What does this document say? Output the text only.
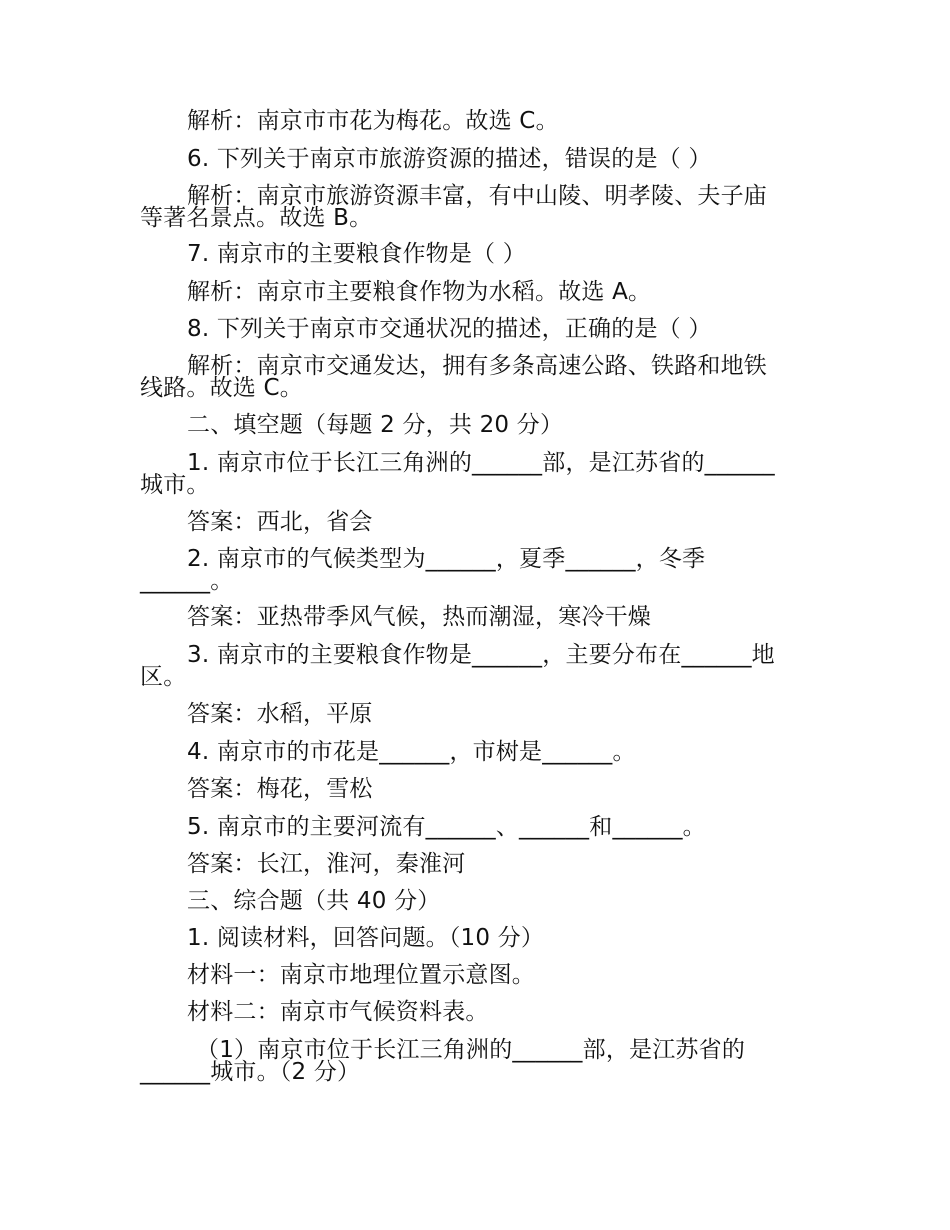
解析：南京市市花为梅花。故选 C。
6. 下列关于南京市旅游资源的描述，错误的是（ ）
解析：南京市旅游资源丰富，有中山陵、明孝陵、夫子庙
等著名景点。故选 B。
7. 南京市的主要粮食作物是（ ）
解析：南京市主要粮食作物为水稻。故选 A。
8. 下列关于南京市交通状况的描述，正确的是（ ）
解析：南京市交通发达，拥有多条高速公路、铁路和地铁
线路。故选 C。
二、填空题（每题 2 分，共 20 分）
1. 南京市位于长江三角洲的______部，是江苏省的______
城市。
答案：西北，省会
2. 南京市的气候类型为______，夏季______，冬季
______。
答案：亚热带季风气候，热而潮湿，寒冷干燥
3. 南京市的主要粮食作物是______，主要分布在______地
区。
答案：水稻，平原
4. 南京市的市花是______，市树是______。
答案：梅花，雪松
5. 南京市的主要河流有______、______和______。
答案：长江，淮河，秦淮河
三、综合题（共 40 分）
1. 阅读材料，回答问题。（10 分）
材料一：南京市地理位置示意图。
材料二：南京市气候资料表。
（1）南京市位于长江三角洲的______部，是江苏省的
______城市。（2 分）
